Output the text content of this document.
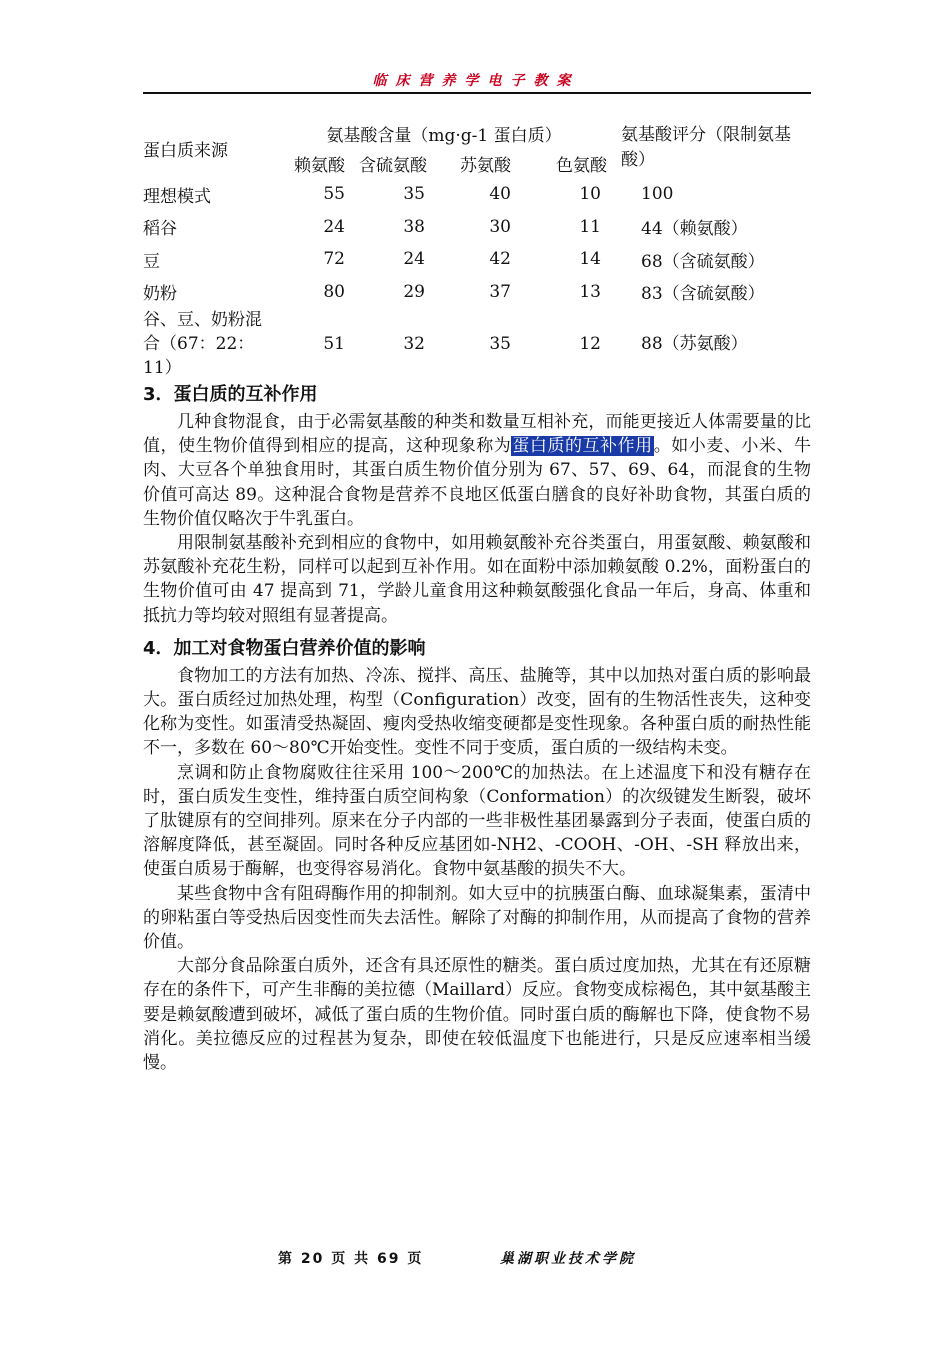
临床营养学电子教案
蛋白质来源	氨基酸含量（mg·g-1 蛋白质）				氨基酸评分（限制氨基酸）
	赖氨酸	含硫氨酸	苏氨酸	色氨酸	
理想模式	55	35	40	10	100
稻谷	24	38	30	11	44（赖氨酸）
豆	72	24	42	14	68（含硫氨酸）
奶粉	80	29	37	13	83（含硫氨酸）
谷、豆、奶粉混合（67：22：11）	51	32	35	12	88（苏氨酸）
3．蛋白质的互补作用

几种食物混食，由于必需氨基酸的种类和数量互相补充，而能更接近人体需要量的比值，使生物价值得到相应的提高，这种现象称为蛋白质的互补作用。如小麦、小米、牛肉、大豆各个单独食用时，其蛋白质生物价值分别为 67、57、69、64，而混食的生物价值可高达 89。这种混合食物是营养不良地区低蛋白膳食的良好补助食物，其蛋白质的生物价值仅略次于牛乳蛋白。

用限制氨基酸补充到相应的食物中，如用赖氨酸补充谷类蛋白，用蛋氨酸、赖氨酸和苏氨酸补充花生粉，同样可以起到互补作用。如在面粉中添加赖氨酸 0.2%，面粉蛋白的生物价值可由 47 提高到 71，学龄儿童食用这种赖氨酸强化食品一年后，身高、体重和抵抗力等均较对照组有显著提高。

4．加工对食物蛋白营养价值的影响

食物加工的方法有加热、冷冻、搅拌、高压、盐腌等，其中以加热对蛋白质的影响最大。蛋白质经过加热处理，构型（Configuration）改变，固有的生物活性丧失，这种变化称为变性。如蛋清受热凝固、瘦肉受热收缩变硬都是变性现象。各种蛋白质的耐热性能不一，多数在 60～80℃开始变性。变性不同于变质，蛋白质的一级结构未变。

烹调和防止食物腐败往往采用 100～200℃的加热法。在上述温度下和没有糖存在时，蛋白质发生变性，维持蛋白质空间构象（Conformation）的次级键发生断裂，破坏了肽键原有的空间排列。原来在分子内部的一些非极性基团暴露到分子表面，使蛋白质的溶解度降低，甚至凝固。同时各种反应基团如-NH2、-COOH、-OH、-SH 释放出来，使蛋白质易于酶解，也变得容易消化。食物中氨基酸的损失不大。

某些食物中含有阻碍酶作用的抑制剂。如大豆中的抗胰蛋白酶、血球凝集素，蛋清中的卵粘蛋白等受热后因变性而失去活性。解除了对酶的抑制作用，从而提高了食物的营养价值。

大部分食品除蛋白质外，还含有具还原性的糖类。蛋白质过度加热，尤其在有还原糖存在的条件下，可产生非酶的美拉德（Maillard）反应。食物变成棕褐色，其中氨基酸主要是赖氨酸遭到破坏，减低了蛋白质的生物价值。同时蛋白质的酶解也下降，使食物不易消化。美拉德反应的过程甚为复杂，即使在较低温度下也能进行，只是反应速率相当缓慢。

第 20 页 共 69 页	巢湖职业技术学院
